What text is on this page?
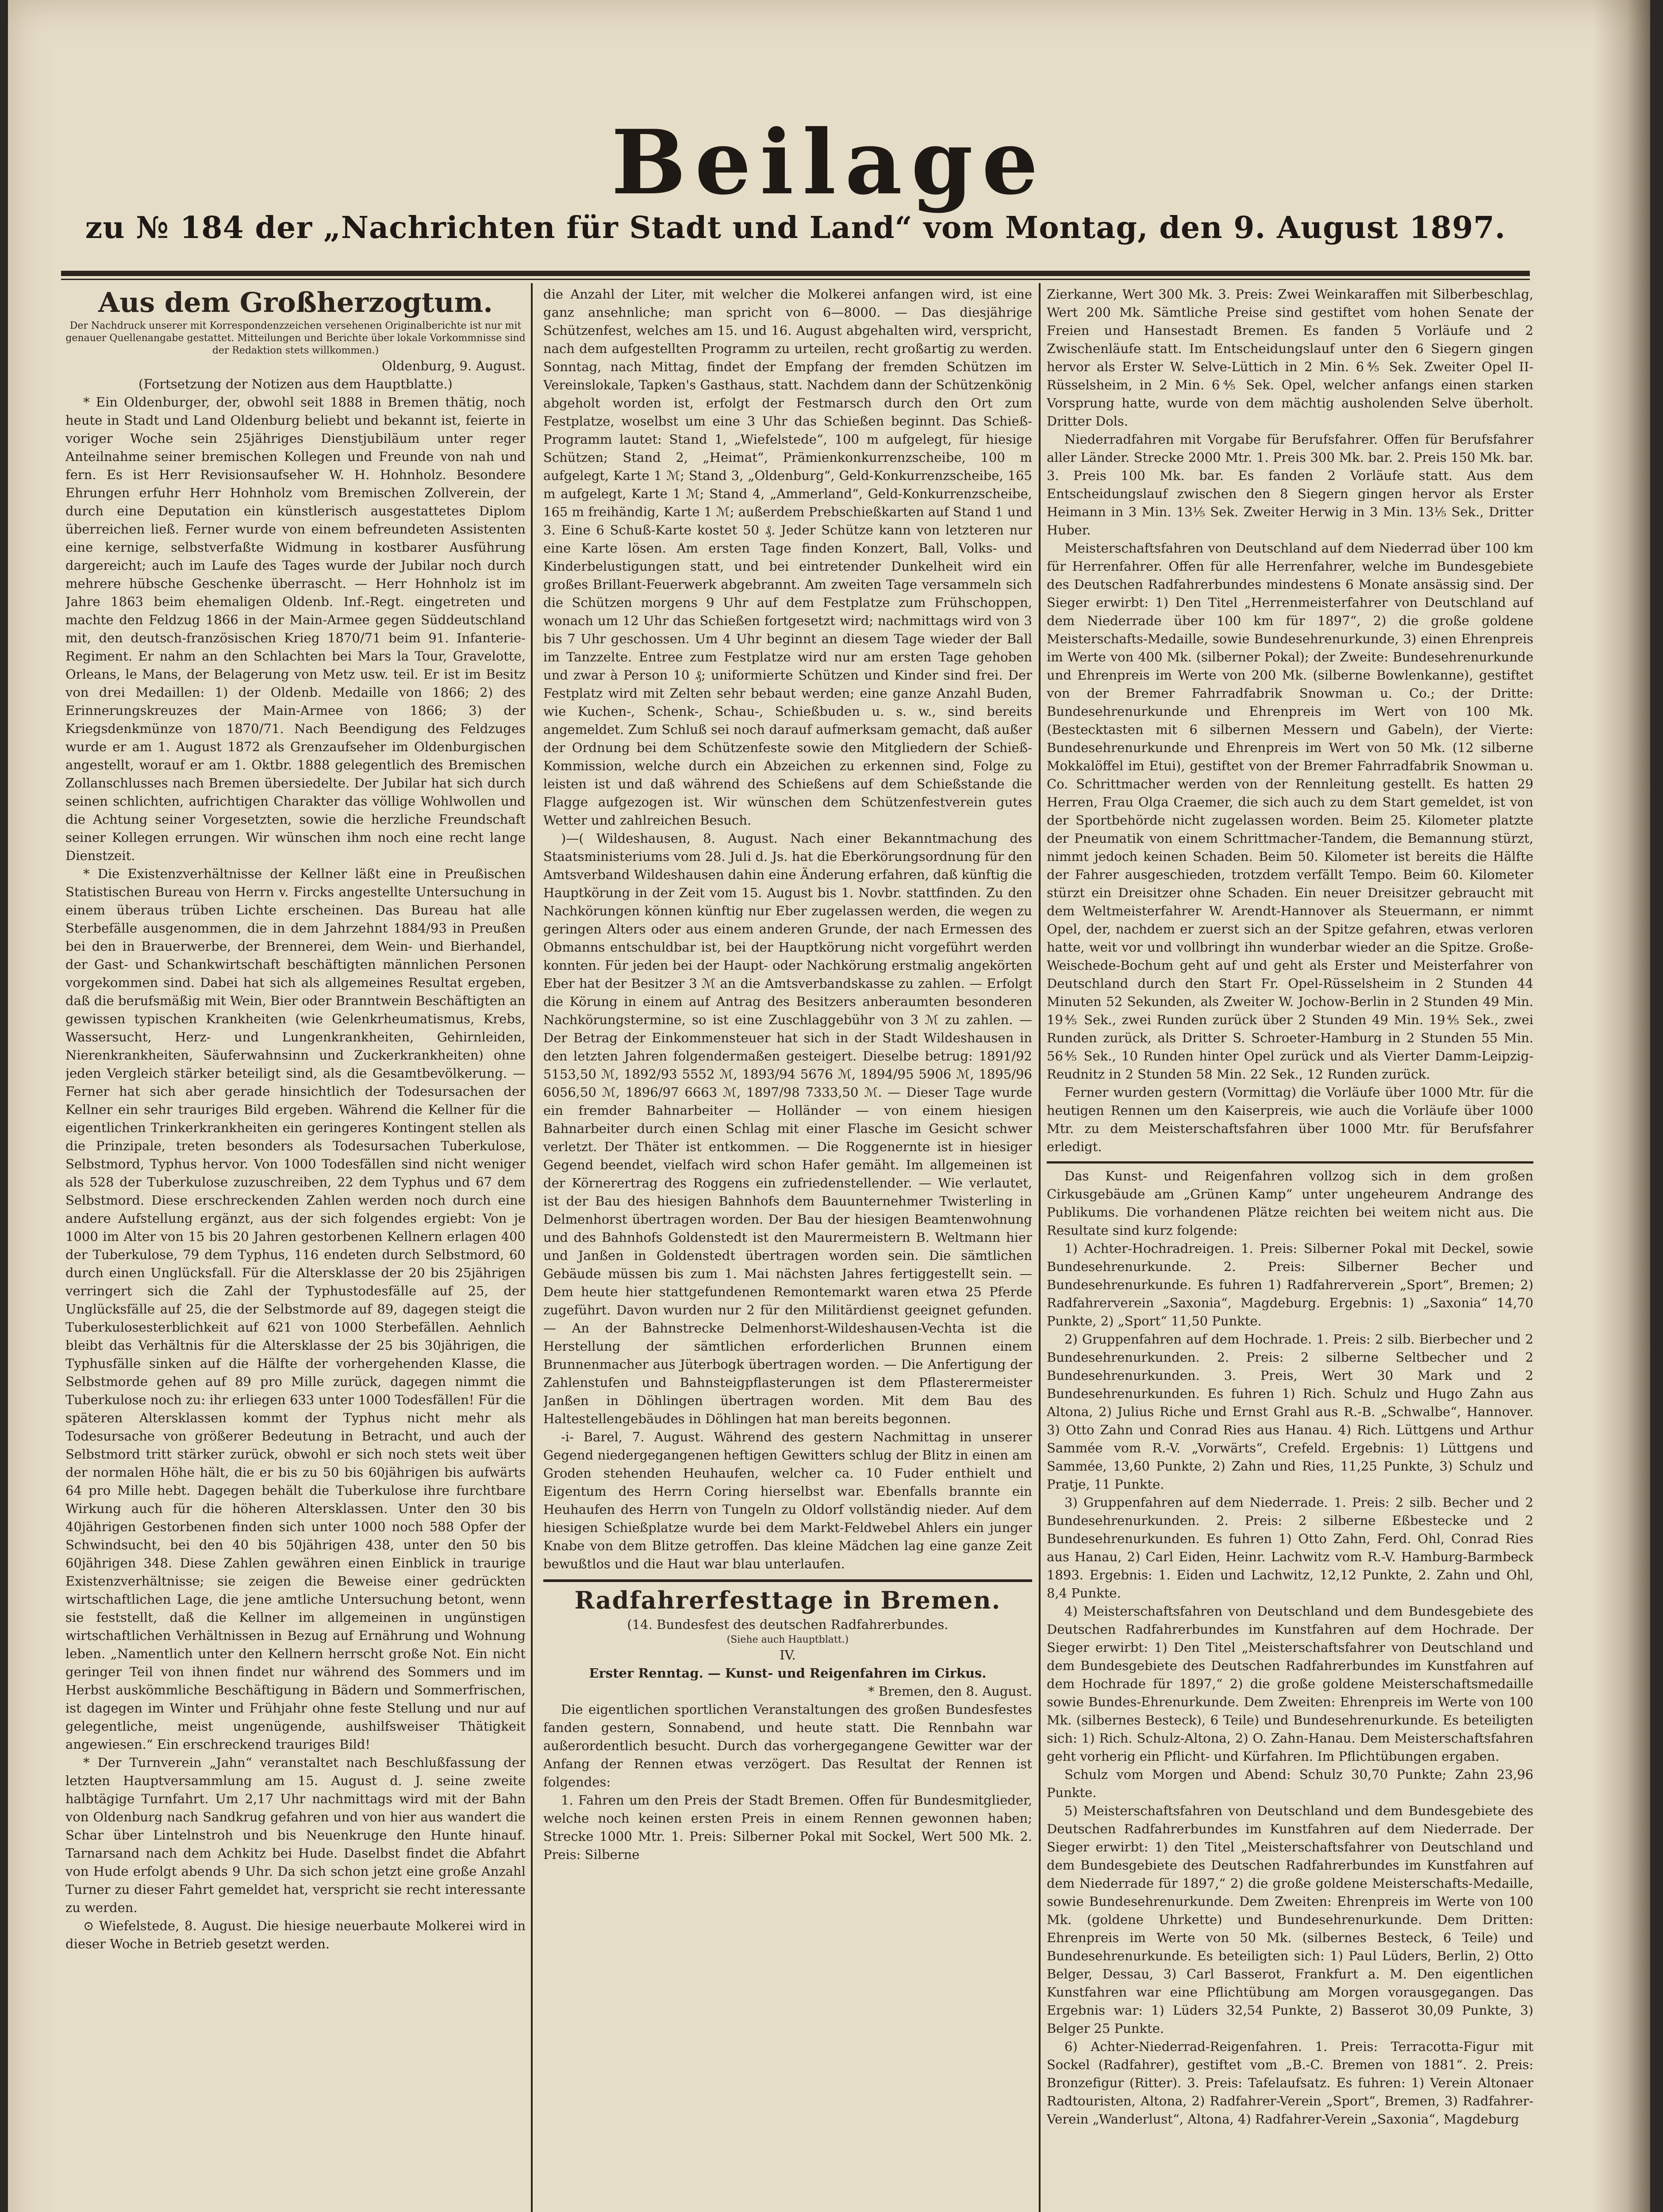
Beilage
zu № 184 der „Nachrichten für Stadt und Land“ vom Montag, den 9. August 1897.

Aus dem Großherzogtum.

Der Nachdruck unserer mit Korrespondenzzeichen versehenen Originalberichte ist nur mit genauer Quellenangabe gestattet. Mitteilungen und Berichte über lokale Vorkommnisse sind der Redaktion stets willkommen.)

Oldenburg, 9. August.

(Fortsetzung der Notizen aus dem Hauptblatte.)

* Ein Oldenburger, der, obwohl seit 1888 in Bremen thätig, noch heute in Stadt und Land Oldenburg beliebt und bekannt ist, feierte in voriger Woche sein 25jähriges Dienstjubiläum unter reger Anteilnahme seiner bremischen Kollegen und Freunde von nah und fern. Es ist Herr Revisionsaufseher W. H. Hohnholz. Besondere Ehrungen erfuhr Herr Hohnholz vom Bremischen Zollverein, der durch eine Deputation ein künstlerisch ausgestattetes Diplom überreichen ließ. Ferner wurde von einem befreundeten Assistenten eine kernige, selbstverfaßte Widmung in kostbarer Ausführung dargereicht; auch im Laufe des Tages wurde der Jubilar noch durch mehrere hübsche Geschenke überrascht. — Herr Hohnholz ist im Jahre 1863 beim ehemaligen Oldenb. Inf.-Regt. eingetreten und machte den Feldzug 1866 in der Main-Armee gegen Süddeutschland mit, den deutsch-französischen Krieg 1870/71 beim 91. Infanterie-Regiment. Er nahm an den Schlachten bei Mars la Tour, Gravelotte, Orleans, le Mans, der Belagerung von Metz usw. teil. Er ist im Besitz von drei Medaillen: 1) der Oldenb. Medaille von 1866; 2) des Erinnerungskreuzes der Main-Armee von 1866; 3) der Kriegsdenkmünze von 1870/71. Nach Beendigung des Feldzuges wurde er am 1. August 1872 als Grenzaufseher im Oldenburgischen angestellt, worauf er am 1. Oktbr. 1888 gelegentlich des Bremischen Zollanschlusses nach Bremen übersiedelte. Der Jubilar hat sich durch seinen schlichten, aufrichtigen Charakter das völlige Wohlwollen und die Achtung seiner Vorgesetzten, sowie die herzliche Freundschaft seiner Kollegen errungen. Wir wünschen ihm noch eine recht lange Dienstzeit.

* Die Existenzverhältnisse der Kellner läßt eine in Preußischen Statistischen Bureau von Herrn v. Fircks angestellte Untersuchung in einem überaus trüben Lichte erscheinen. Das Bureau hat alle Sterbefälle ausgenommen, die in dem Jahrzehnt 1884/93 in Preußen bei den in Brauerwerbe, der Brennerei, dem Wein- und Bierhandel, der Gast- und Schankwirtschaft beschäftigten männlichen Personen vorgekommen sind. Dabei hat sich als allgemeines Resultat ergeben, daß die berufsmäßig mit Wein, Bier oder Branntwein Beschäftigten an gewissen typischen Krankheiten (wie Gelenkrheumatismus, Krebs, Wassersucht, Herz- und Lungenkrankheiten, Gehirnleiden, Nierenkrankheiten, Säuferwahnsinn und Zuckerkrankheiten) ohne jeden Vergleich stärker beteiligt sind, als die Gesamtbevölkerung. — Ferner hat sich aber gerade hinsichtlich der Todesursachen der Kellner ein sehr trauriges Bild ergeben. Während die Kellner für die eigentlichen Trinkerkrankheiten ein geringeres Kontingent stellen als die Prinzipale, treten besonders als Todesursachen Tuberkulose, Selbstmord, Typhus hervor. Von 1000 Todesfällen sind nicht weniger als 528 der Tuberkulose zuzuschreiben, 22 dem Typhus und 67 dem Selbstmord. Diese erschreckenden Zahlen werden noch durch eine andere Aufstellung ergänzt, aus der sich folgendes ergiebt: Von je 1000 im Alter von 15 bis 20 Jahren gestorbenen Kellnern erlagen 400 der Tuberkulose, 79 dem Typhus, 116 endeten durch Selbstmord, 60 durch einen Unglücksfall. Für die Altersklasse der 20 bis 25jährigen verringert sich die Zahl der Typhustodesfälle auf 25, der Unglücksfälle auf 25, die der Selbstmorde auf 89, dagegen steigt die Tuberkulosesterblichkeit auf 621 von 1000 Sterbefällen. Aehnlich bleibt das Verhältnis für die Altersklasse der 25 bis 30jährigen, die Typhusfälle sinken auf die Hälfte der vorhergehenden Klasse, die Selbstmorde gehen auf 89 pro Mille zurück, dagegen nimmt die Tuberkulose noch zu: ihr erliegen 633 unter 1000 Todesfällen! Für die späteren Altersklassen kommt der Typhus nicht mehr als Todesursache von größerer Bedeutung in Betracht, und auch der Selbstmord tritt stärker zurück, obwohl er sich noch stets weit über der normalen Höhe hält, die er bis zu 50 bis 60jährigen bis aufwärts 64 pro Mille hebt. Dagegen behält die Tuberkulose ihre furchtbare Wirkung auch für die höheren Altersklassen. Unter den 30 bis 40jährigen Gestorbenen finden sich unter 1000 noch 588 Opfer der Schwindsucht, bei den 40 bis 50jährigen 438, unter den 50 bis 60jährigen 348. Diese Zahlen gewähren einen Einblick in traurige Existenzverhältnisse; sie zeigen die Beweise einer gedrückten wirtschaftlichen Lage, die jene amtliche Untersuchung betont, wenn sie feststellt, daß die Kellner im allgemeinen in ungünstigen wirtschaftlichen Verhältnissen in Bezug auf Ernährung und Wohnung leben. „Namentlich unter den Kellnern herrscht große Not. Ein nicht geringer Teil von ihnen findet nur während des Sommers und im Herbst auskömmliche Beschäftigung in Bädern und Sommerfrischen, ist dagegen im Winter und Frühjahr ohne feste Stellung und nur auf gelegentliche, meist ungenügende, aushilfsweiser Thätigkeit angewiesen.“ Ein erschreckend trauriges Bild!

* Der Turnverein „Jahn“ veranstaltet nach Beschlußfassung der letzten Hauptversammlung am 15. August d. J. seine zweite halbtägige Turnfahrt. Um 2,17 Uhr nachmittags wird mit der Bahn von Oldenburg nach Sandkrug gefahren und von hier aus wandert die Schar über Lintelnstroh und bis Neuenkruge den Hunte hinauf. Tarnarsand nach dem Achkitz bei Hude. Daselbst findet die Abfahrt von Hude erfolgt abends 9 Uhr. Da sich schon jetzt eine große Anzahl Turner zu dieser Fahrt gemeldet hat, verspricht sie recht interessante zu werden.

⊙ Wiefelstede, 8. August. Die hiesige neuerbaute Molkerei wird in dieser Woche in Betrieb gesetzt werden.

die Anzahl der Liter, mit welcher die Molkerei anfangen wird, ist eine ganz ansehnliche; man spricht von 6—8000. — Das diesjährige Schützenfest, welches am 15. und 16. August abgehalten wird, verspricht, nach dem aufgestellten Programm zu urteilen, recht großartig zu werden. Sonntag, nach Mittag, findet der Empfang der fremden Schützen im Vereinslokale, Tapken's Gasthaus, statt. Nachdem dann der Schützenkönig abgeholt worden ist, erfolgt der Festmarsch durch den Ort zum Festplatze, woselbst um eine 3 Uhr das Schießen beginnt. Das Schieß-Programm lautet: Stand 1, „Wiefelstede“, 100 m aufgelegt, für hiesige Schützen; Stand 2, „Heimat“, Prämienkonkurrenzscheibe, 100 m aufgelegt, Karte 1 ℳ; Stand 3, „Oldenburg“, Geld-Konkurrenzscheibe, 165 m aufgelegt, Karte 1 ℳ; Stand 4, „Ammerland“, Geld-Konkurrenzscheibe, 165 m freihändig, Karte 1 ℳ; außerdem Prebschießkarten auf Stand 1 und 3. Eine 6 Schuß-Karte kostet 50 ₰. Jeder Schütze kann von letzteren nur eine Karte lösen. Am ersten Tage finden Konzert, Ball, Volks- und Kinderbelustigungen statt, und bei eintretender Dunkelheit wird ein großes Brillant-Feuerwerk abgebrannt. Am zweiten Tage versammeln sich die Schützen morgens 9 Uhr auf dem Festplatze zum Frühschoppen, wonach um 12 Uhr das Schießen fortgesetzt wird; nachmittags wird von 3 bis 7 Uhr geschossen. Um 4 Uhr beginnt an diesem Tage wieder der Ball im Tanzzelte. Entree zum Festplatze wird nur am ersten Tage gehoben und zwar à Person 10 ₰; uniformierte Schützen und Kinder sind frei. Der Festplatz wird mit Zelten sehr bebaut werden; eine ganze Anzahl Buden, wie Kuchen-, Schenk-, Schau-, Schießbuden u. s. w., sind bereits angemeldet. Zum Schluß sei noch darauf aufmerksam gemacht, daß außer der Ordnung bei dem Schützenfeste sowie den Mitgliedern der Schieß-Kommission, welche durch ein Abzeichen zu erkennen sind, Folge zu leisten ist und daß während des Schießens auf dem Schießstande die Flagge aufgezogen ist. Wir wünschen dem Schützenfestverein gutes Wetter und zahlreichen Besuch.

)—( Wildeshausen, 8. August. Nach einer Bekanntmachung des Staatsministeriums vom 28. Juli d. Js. hat die Eberkörungsordnung für den Amtsverband Wildeshausen dahin eine Änderung erfahren, daß künftig die Hauptkörung in der Zeit vom 15. August bis 1. Novbr. stattfinden. Zu den Nachkörungen können künftig nur Eber zugelassen werden, die wegen zu geringen Alters oder aus einem anderen Grunde, der nach Ermessen des Obmanns entschuldbar ist, bei der Hauptkörung nicht vorgeführt werden konnten. Für jeden bei der Haupt- oder Nachkörung erstmalig angekörten Eber hat der Besitzer 3 ℳ an die Amtsverbandskasse zu zahlen. — Erfolgt die Körung in einem auf Antrag des Besitzers anberaumten besonderen Nachkörungstermine, so ist eine Zuschlaggebühr von 3 ℳ zu zahlen. — Der Betrag der Einkommensteuer hat sich in der Stadt Wildeshausen in den letzten Jahren folgendermaßen gesteigert. Dieselbe betrug: 1891/92 5153,50 ℳ, 1892/93 5552 ℳ, 1893/94 5676 ℳ, 1894/95 5906 ℳ, 1895/96 6056,50 ℳ, 1896/97 6663 ℳ, 1897/98 7333,50 ℳ. — Dieser Tage wurde ein fremder Bahnarbeiter — Holländer — von einem hiesigen Bahnarbeiter durch einen Schlag mit einer Flasche im Gesicht schwer verletzt. Der Thäter ist entkommen. — Die Roggenernte ist in hiesiger Gegend beendet, vielfach wird schon Hafer gemäht. Im allgemeinen ist der Körnerertrag des Roggens ein zufriedenstellender. — Wie verlautet, ist der Bau des hiesigen Bahnhofs dem Bauunternehmer Twisterling in Delmenhorst übertragen worden. Der Bau der hiesigen Beamtenwohnung und des Bahnhofs Goldenstedt ist den Maurermeistern B. Weltmann hier und Janßen in Goldenstedt übertragen worden sein. Die sämtlichen Gebäude müssen bis zum 1. Mai nächsten Jahres fertiggestellt sein. — Dem heute hier stattgefundenen Remontemarkt waren etwa 25 Pferde zugeführt. Davon wurden nur 2 für den Militärdienst geeignet gefunden. — An der Bahnstrecke Delmenhorst-Wildeshausen-Vechta ist die Herstellung der sämtlichen erforderlichen Brunnen einem Brunnenmacher aus Jüterbogk übertragen worden. — Die Anfertigung der Zahlenstufen und Bahnsteigpflasterungen ist dem Pflasterermeister Janßen in Döhlingen übertragen worden. Mit dem Bau des Haltestellengebäudes in Döhlingen hat man bereits begonnen.

-i- Barel, 7. August. Während des gestern Nachmittag in unserer Gegend niedergegangenen heftigen Gewitters schlug der Blitz in einen am Groden stehenden Heuhaufen, welcher ca. 10 Fuder enthielt und Eigentum des Herrn Coring hierselbst war. Ebenfalls brannte ein Heuhaufen des Herrn von Tungeln zu Oldorf vollständig nieder. Auf dem hiesigen Schießplatze wurde bei dem Markt-Feldwebel Ahlers ein junger Knabe von dem Blitze getroffen. Das kleine Mädchen lag eine ganze Zeit bewußtlos und die Haut war blau unterlaufen.

Radfahrerfesttage in Bremen.

(14. Bundesfest des deutschen Radfahrerbundes.

(Siehe auch Hauptblatt.)

IV.

Erster Renntag. — Kunst- und Reigenfahren im Cirkus.

* Bremen, den 8. August.

Die eigentlichen sportlichen Veranstaltungen des großen Bundesfestes fanden gestern, Sonnabend, und heute statt. Die Rennbahn war außerordentlich besucht. Durch das vorhergegangene Gewitter war der Anfang der Rennen etwas verzögert. Das Resultat der Rennen ist folgendes:

1. Fahren um den Preis der Stadt Bremen. Offen für Bundesmitglieder, welche noch keinen ersten Preis in einem Rennen gewonnen haben; Strecke 1000 Mtr. 1. Preis: Silberner Pokal mit Sockel, Wert 500 Mk. 2. Preis: Silberne

Zierkanne, Wert 300 Mk. 3. Preis: Zwei Weinkaraffen mit Silberbeschlag, Wert 200 Mk. Sämtliche Preise sind gestiftet vom hohen Senate der Freien und Hansestadt Bremen. Es fanden 5 Vorläufe und 2 Zwischenläufe statt. Im Entscheidungslauf unter den 6 Siegern gingen hervor als Erster W. Selve-Lüttich in 2 Min. 6⅘ Sek. Zweiter Opel II-Rüsselsheim, in 2 Min. 6⅘ Sek. Opel, welcher anfangs einen starken Vorsprung hatte, wurde von dem mächtig ausholenden Selve überholt. Dritter Dols.

Niederradfahren mit Vorgabe für Berufsfahrer. Offen für Berufsfahrer aller Länder. Strecke 2000 Mtr. 1. Preis 300 Mk. bar. 2. Preis 150 Mk. bar. 3. Preis 100 Mk. bar. Es fanden 2 Vorläufe statt. Aus dem Entscheidungslauf zwischen den 8 Siegern gingen hervor als Erster Heimann in 3 Min. 13⅕ Sek. Zweiter Herwig in 3 Min. 13⅕ Sek., Dritter Huber.

Meisterschaftsfahren von Deutschland auf dem Niederrad über 100 km für Herrenfahrer. Offen für alle Herrenfahrer, welche im Bundesgebiete des Deutschen Radfahrerbundes mindestens 6 Monate ansässig sind. Der Sieger erwirbt: 1) Den Titel „Herrenmeisterfahrer von Deutschland auf dem Niederrade über 100 km für 1897“, 2) die große goldene Meisterschafts-Medaille, sowie Bundesehrenurkunde, 3) einen Ehrenpreis im Werte von 400 Mk. (silberner Pokal); der Zweite: Bundesehrenurkunde und Ehrenpreis im Werte von 200 Mk. (silberne Bowlenkanne), gestiftet von der Bremer Fahrradfabrik Snowman u. Co.; der Dritte: Bundesehrenurkunde und Ehrenpreis im Wert von 100 Mk. (Bestecktasten mit 6 silbernen Messern und Gabeln), der Vierte: Bundesehrenurkunde und Ehrenpreis im Wert von 50 Mk. (12 silberne Mokkalöffel im Etui), gestiftet von der Bremer Fahrradfabrik Snowman u. Co. Schrittmacher werden von der Rennleitung gestellt. Es hatten 29 Herren, Frau Olga Craemer, die sich auch zu dem Start gemeldet, ist von der Sportbehörde nicht zugelassen worden. Beim 25. Kilometer platzte der Pneumatik von einem Schrittmacher-Tandem, die Bemannung stürzt, nimmt jedoch keinen Schaden. Beim 50. Kilometer ist bereits die Hälfte der Fahrer ausgeschieden, trotzdem verfällt Tempo. Beim 60. Kilometer stürzt ein Dreisitzer ohne Schaden. Ein neuer Dreisitzer gebraucht mit dem Weltmeisterfahrer W. Arendt-Hannover als Steuermann, er nimmt Opel, der, nachdem er zuerst sich an der Spitze gefahren, etwas verloren hatte, weit vor und vollbringt ihn wunderbar wieder an die Spitze. Große-Weischede-Bochum geht auf und geht als Erster und Meisterfahrer von Deutschland durch den Start Fr. Opel-Rüsselsheim in 2 Stunden 44 Minuten 52 Sekunden, als Zweiter W. Jochow-Berlin in 2 Stunden 49 Min. 19⅘ Sek., zwei Runden zurück über 2 Stunden 49 Min. 19⅘ Sek., zwei Runden zurück, als Dritter S. Schroeter-Hamburg in 2 Stunden 55 Min. 56⅘ Sek., 10 Runden hinter Opel zurück und als Vierter Damm-Leipzig-Reudnitz in 2 Stunden 58 Min. 22 Sek., 12 Runden zurück.

Ferner wurden gestern (Vormittag) die Vorläufe über 1000 Mtr. für die heutigen Rennen um den Kaiserpreis, wie auch die Vorläufe über 1000 Mtr. zu dem Meisterschaftsfahren über 1000 Mtr. für Berufsfahrer erledigt.

Das Kunst- und Reigenfahren vollzog sich in dem großen Cirkusgebäude am „Grünen Kamp“ unter ungeheurem Andrange des Publikums. Die vorhandenen Plätze reichten bei weitem nicht aus. Die Resultate sind kurz folgende:

1) Achter-Hochradreigen. 1. Preis: Silberner Pokal mit Deckel, sowie Bundesehrenurkunde. 2. Preis: Silberner Becher und Bundesehrenurkunde. Es fuhren 1) Radfahrerverein „Sport“, Bremen; 2) Radfahrerverein „Saxonia“, Magdeburg. Ergebnis: 1) „Saxonia“ 14,70 Punkte, 2) „Sport“ 11,50 Punkte.

2) Gruppenfahren auf dem Hochrade. 1. Preis: 2 silb. Bierbecher und 2 Bundesehrenurkunden. 2. Preis: 2 silberne Seltbecher und 2 Bundesehrenurkunden. 3. Preis, Wert 30 Mark und 2 Bundesehrenurkunden. Es fuhren 1) Rich. Schulz und Hugo Zahn aus Altona, 2) Julius Riche und Ernst Grahl aus R.-B. „Schwalbe“, Hannover. 3) Otto Zahn und Conrad Ries aus Hanau. 4) Rich. Lüttgens und Arthur Sammée vom R.-V. „Vorwärts“, Crefeld. Ergebnis: 1) Lüttgens und Sammée, 13,60 Punkte, 2) Zahn und Ries, 11,25 Punkte, 3) Schulz und Pratje, 11 Punkte.

3) Gruppenfahren auf dem Niederrade. 1. Preis: 2 silb. Becher und 2 Bundesehrenurkunden. 2. Preis: 2 silberne Eßbestecke und 2 Bundesehrenurkunden. Es fuhren 1) Otto Zahn, Ferd. Ohl, Conrad Ries aus Hanau, 2) Carl Eiden, Heinr. Lachwitz vom R.-V. Hamburg-Barmbeck 1893. Ergebnis: 1. Eiden und Lachwitz, 12,12 Punkte, 2. Zahn und Ohl, 8,4 Punkte.

4) Meisterschaftsfahren von Deutschland und dem Bundesgebiete des Deutschen Radfahrerbundes im Kunstfahren auf dem Hochrade. Der Sieger erwirbt: 1) Den Titel „Meisterschaftsfahrer von Deutschland und dem Bundesgebiete des Deutschen Radfahrerbundes im Kunstfahren auf dem Hochrade für 1897,“ 2) die große goldene Meisterschaftsmedaille sowie Bundes-Ehrenurkunde. Dem Zweiten: Ehrenpreis im Werte von 100 Mk. (silbernes Besteck), 6 Teile) und Bundesehrenurkunde. Es beteiligten sich: 1) Rich. Schulz-Altona, 2) O. Zahn-Hanau. Dem Meisterschaftsfahren geht vorherig ein Pflicht- und Kürfahren. Im Pflichtübungen ergaben.

Schulz vom Morgen und Abend: Schulz 30,70 Punkte; Zahn 23,96 Punkte.

5) Meisterschaftsfahren von Deutschland und dem Bundesgebiete des Deutschen Radfahrerbundes im Kunstfahren auf dem Niederrade. Der Sieger erwirbt: 1) den Titel „Meisterschaftsfahrer von Deutschland und dem Bundesgebiete des Deutschen Radfahrerbundes im Kunstfahren auf dem Niederrade für 1897,“ 2) die große goldene Meisterschafts-Medaille, sowie Bundesehrenurkunde. Dem Zweiten: Ehrenpreis im Werte von 100 Mk. (goldene Uhrkette) und Bundesehrenurkunde. Dem Dritten: Ehrenpreis im Werte von 50 Mk. (silbernes Besteck, 6 Teile) und Bundesehrenurkunde. Es beteiligten sich: 1) Paul Lüders, Berlin, 2) Otto Belger, Dessau, 3) Carl Basserot, Frankfurt a. M. Den eigentlichen Kunstfahren war eine Pflichtübung am Morgen vorausgegangen. Das Ergebnis war: 1) Lüders 32,54 Punkte, 2) Basserot 30,09 Punkte, 3) Belger 25 Punkte.

6) Achter-Niederrad-Reigenfahren. 1. Preis: Terracotta-Figur mit Sockel (Radfahrer), gestiftet vom „B.-C. Bremen von 1881“. 2. Preis: Bronzefigur (Ritter). 3. Preis: Tafelaufsatz. Es fuhren: 1) Verein Altonaer Radtouristen, Altona, 2) Radfahrer-Verein „Sport“, Bremen, 3) Radfahrer-Verein „Wanderlust“, Altona, 4) Radfahrer-Verein „Saxonia“, Magdeburg
